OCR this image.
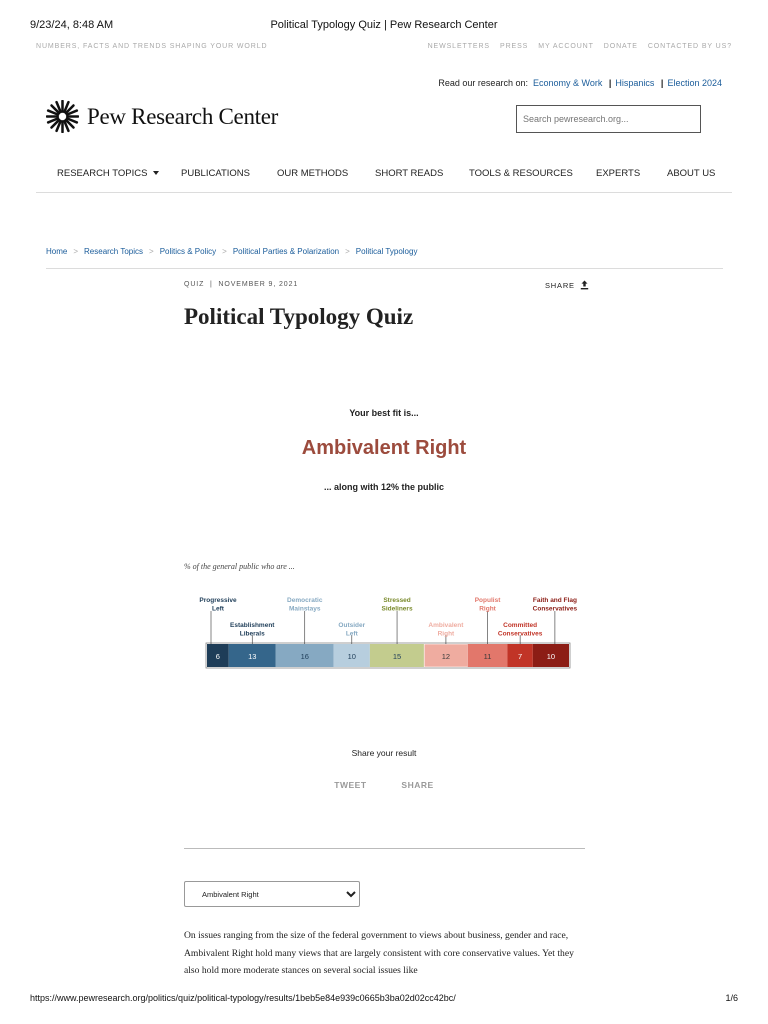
9/23/24, 8:48 AM	Political Typology Quiz | Pew Research Center
NUMBERS, FACTS AND TRENDS SHAPING YOUR WORLD	NEWSLETTERS PRESS MY ACCOUNT DONATE CONTACTED BY US?
Read our research on: Economy & Work | Hispanics | Election 2024
Pew Research Center
Search pewresearch.org...
RESEARCH TOPICS	PUBLICATIONS	OUR METHODS	SHORT READS	TOOLS & RESOURCES EXPERTS	ABOUT US
Home > Research Topics > Politics & Policy > Political Parties & Polarization > Political Typology
QUIZ  |  NOVEMBER 9, 2021	SHARE
Political Typology Quiz
Your best fit is...
Ambivalent Right
... along with 12% the public
% of the general public who are ...
6
Progressive
Left
13
Establishment
Liberals
16
Democratic
Mainstays
10
Outsider
Left
15
Stressed
Sideliners
12
Ambivalent
Right
11
Populist
Right
7
Committed
Conservatives
10
Faith and Flag
Conservatives
Share your result
TWEET	SHARE
Ambivalent Right

On issues ranging from the size of the federal government to views about business, gender and race, Ambivalent Right hold many views that are largely consistent with core conservative values. Yet they also hold more moderate stances on several social issues like

https://www.pewresearch.org/politics/quiz/political-typology/results/1beb5e84e939c0665b3ba02d02cc42bc/	1/6
